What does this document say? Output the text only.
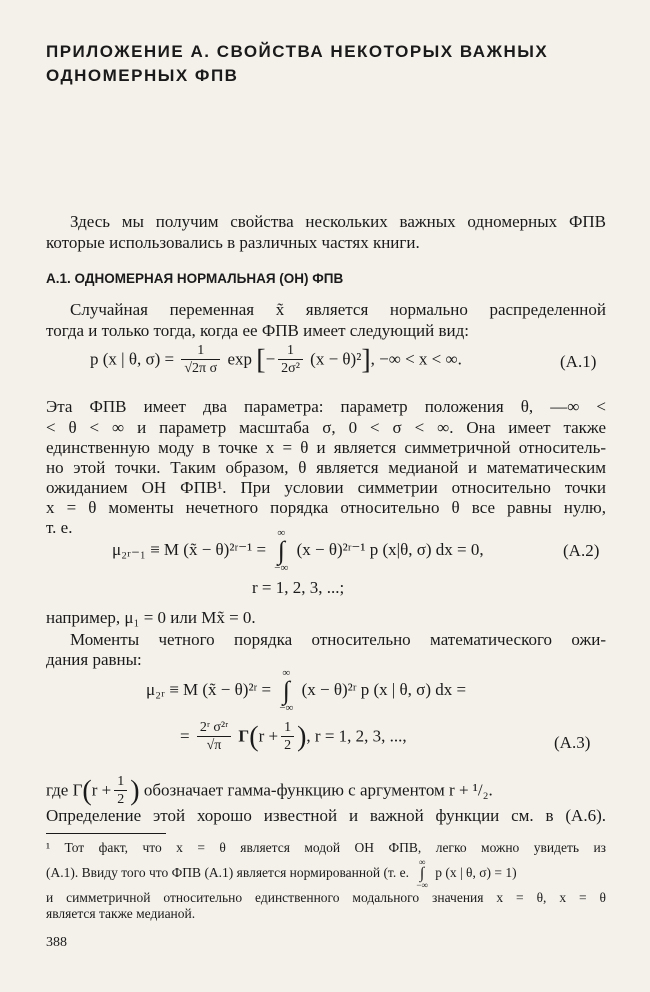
ПРИЛОЖЕНИЕ А. СВОЙСТВА НЕКОТОРЫХ ВАЖНЫХ
ОДНОМЕРНЫХ ФПВ
Здесь мы получим свойства нескольких важных одномерных ФПВ
которые использовались в различных частях книги.
А.1. ОДНОМЕРНАЯ НОРМАЛЬНАЯ (ОН) ФПВ
Случайная переменная x̃ является нормально распределенной
тогда и только тогда, когда ее ФПВ имеет следующий вид:
p (x | θ, $\sigma) = \frac{1}{\text{√2π σ}}$ exp [− $\frac{1}{\text{2σ²}} (x - \theta)^2$], −∞ < x < ∞.	(А.1)
Эта ФПВ имеет два параметра: параметр положения θ, —∞ <
< θ < ∞ и параметр масштаба σ, 0 < σ < ∞. Она имеет также
единственную моду в точке x = θ и является симметричной относитель-
но этой точки. Таким образом, θ является медианой и математическим
ожиданием ОН ФПВ¹. При условии симметрии относительно точки
x = θ моменты нечетного порядка относительно θ все равны нулю,
т. е.
μ₂ᵣ₋₁ ≡ M (x̃ − θ)²ʳ⁻¹ =
∞
∫
−∞
(x − θ)²ʳ⁻¹ p (x|θ, σ) dx = 0,	(А.2)
r = 1, 2, 3, ...;
например, μ₁ = 0 или Mx̃ = 0.
Моменты четного порядка относительно математического ожи-
дания равны:
μ₂ᵣ ≡ M (x̃ − θ)²ʳ =
∞
∫
−∞
(x − θ)²ʳ p (x | θ, σ) dx =
= $\frac{\text{2ʳ σ²ʳ}}{√\pi} \Gamma(r + \frac{1}{2}$ ), r = 1, 2, 3, ...,	(А.3)
где $\Gamma(r + \frac{1}{2}$ ) обозначает гамма-функцию с аргументом r + ¹/₂.
Определение этой хорошо известной и важной функции см. в (А.6).
¹ Тот факт, что x = θ является модой ОН ФПВ, легко можно увидеть из
(А.1). Ввиду того что ФПВ (А.1) является нормированной (т. е.
∞
∫
−∞
p (x | θ, σ) = 1)
и симметричной относительно единственного модального значения x = θ, x = θ
является также медианой.
388
